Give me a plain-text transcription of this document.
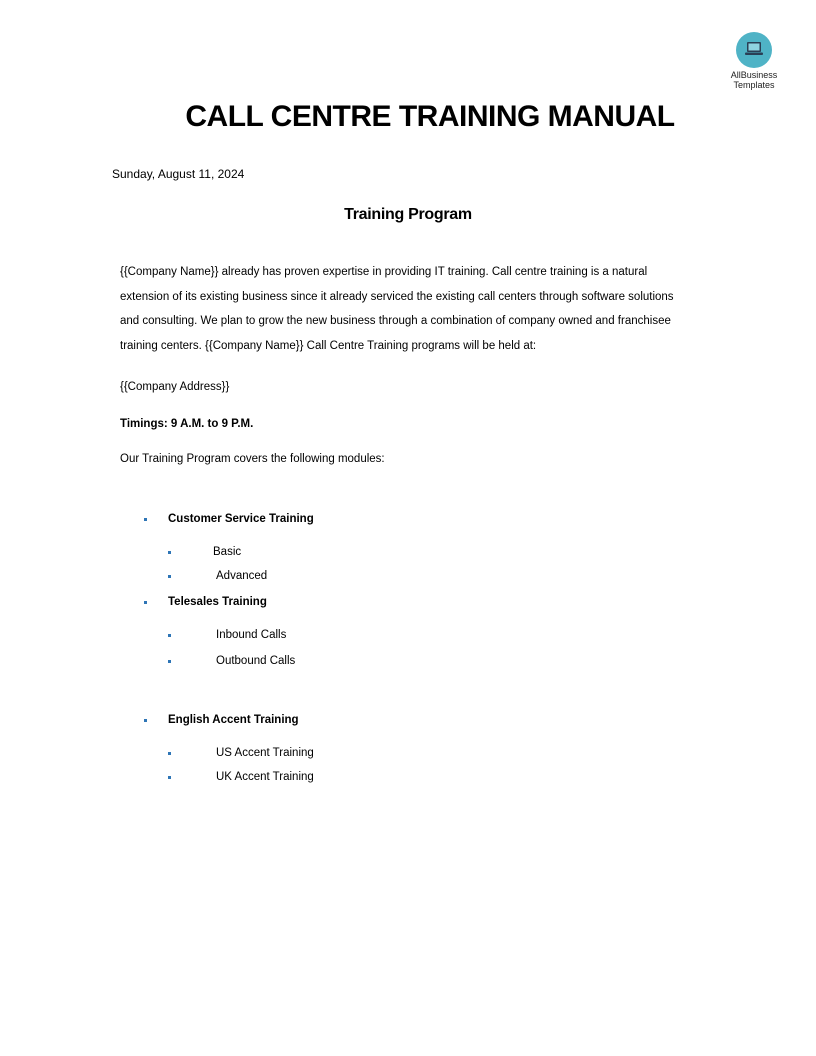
AllBusiness
Templates
CALL CENTRE TRAINING MANUAL
Sunday, August 11, 2024
Training Program
{{Company Name}} already has proven expertise in providing IT training. Call centre training is a natural extension of its existing business since it already serviced the existing call centers through software solutions and consulting. We plan to grow the new business through a combination of company owned and franchisee training centers. {{Company Name}} Call Centre Training programs will be held at:
{{Company Address}}
Timings: 9 A.M. to 9 P.M.
Our Training Program covers the following modules:
Customer Service Training
Basic
Advanced
Telesales Training
Inbound Calls
Outbound Calls
English Accent Training
US Accent Training
UK Accent Training
